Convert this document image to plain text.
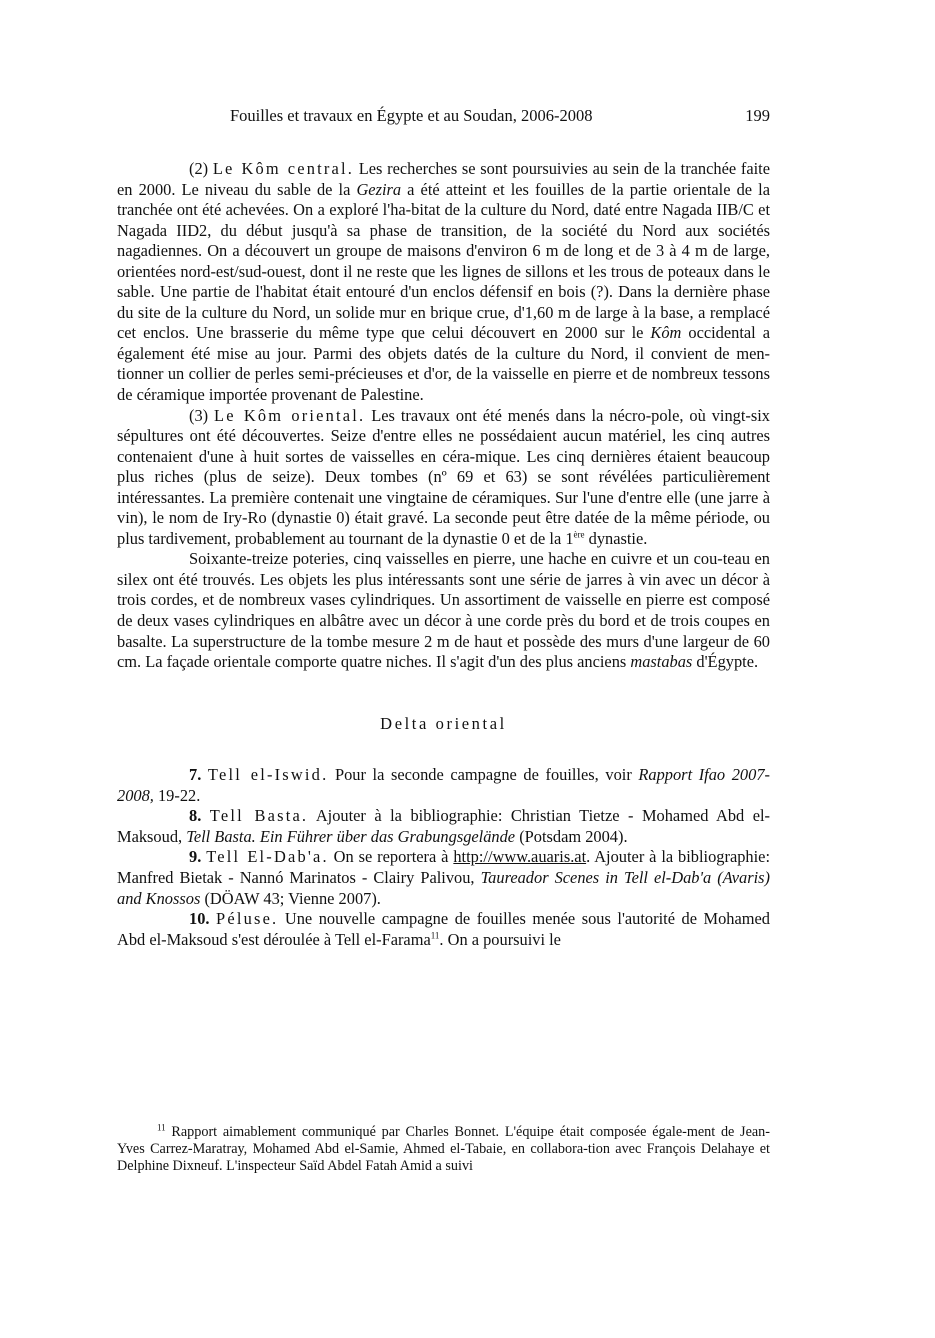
Fouilles et travaux en Égypte et au Soudan, 2006-2008	199

(2) Le Kôm central. Les recherches se sont poursuivies au sein de la tranchée faite en 2000. Le niveau du sable de la Gezira a été atteint et les fouilles de la partie orientale de la tranchée ont été achevées. On a exploré l'ha-bitat de la culture du Nord, daté entre Nagada IIB/C et Nagada IID2, du début jusqu'à sa phase de transition, de la société du Nord aux sociétés nagadiennes. On a découvert un groupe de maisons d'environ 6 m de long et de 3 à 4 m de large, orientées nord-est/sud-ouest, dont il ne reste que les lignes de sillons et les trous de poteaux dans le sable. Une partie de l'habitat était entouré d'un enclos défensif en bois (?). Dans la dernière phase du site de la culture du Nord, un solide mur en brique crue, d'1,60 m de large à la base, a remplacé cet enclos. Une brasserie du même type que celui découvert en 2000 sur le Kôm occidental a également été mise au jour. Parmi des objets datés de la culture du Nord, il convient de men-tionner un collier de perles semi-précieuses et d'or, de la vaisselle en pierre et de nombreux tessons de céramique importée provenant de Palestine.

(3) Le Kôm oriental. Les travaux ont été menés dans la nécro-pole, où vingt-six sépultures ont été découvertes. Seize d'entre elles ne possédaient aucun matériel, les cinq autres contenaient d'une à huit sortes de vaisselles en céra-mique. Les cinq dernières étaient beaucoup plus riches (plus de seize). Deux tombes (nº 69 et 63) se sont révélées particulièrement intéressantes. La première contenait une vingtaine de céramiques. Sur l'une d'entre elle (une jarre à vin), le nom de Iry-Ro (dynastie 0) était gravé. La seconde peut être datée de la même période, ou plus tardivement, probablement au tournant de la dynastie 0 et de la 1ère dynastie.

Soixante-treize poteries, cinq vaisselles en pierre, une hache en cuivre et un cou-teau en silex ont été trouvés. Les objets les plus intéressants sont une série de jarres à vin avec un décor à trois cordes, et de nombreux vases cylindriques. Un assortiment de vaisselle en pierre est composé de deux vases cylindriques en albâtre avec un décor à une corde près du bord et de trois coupes en basalte. La superstructure de la tombe mesure 2 m de haut et possède des murs d'une largeur de 60 cm. La façade orientale comporte quatre niches. Il s'agit d'un des plus anciens mastabas d'Égypte.

Delta oriental

7. Tell el-Iswid. Pour la seconde campagne de fouilles, voir Rapport Ifao 2007-2008, 19-22.

8. Tell Basta. Ajouter à la bibliographie: Christian Tietze - Mohamed Abd el-Maksoud, Tell Basta. Ein Führer über das Grabungsgelände (Potsdam 2004).

9. Tell El-Dab'a. On se reportera à http://www.auaris.at. Ajouter à la bibliographie: Manfred Bietak - Nannó Marinatos - Clairy Palivou, Taureador Scenes in Tell el-Dab'a (Avaris) and Knossos (DÖAW 43; Vienne 2007).

10. Péluse. Une nouvelle campagne de fouilles menée sous l'autorité de Mohamed Abd el-Maksoud s'est déroulée à Tell el-Farama$^{11}$. On a poursuivi le

$^{11}$ Rapport aimablement communiqué par Charles Bonnet. L'équipe était composée égale-ment de Jean-Yves Carrez-Maratray, Mohamed Abd el-Samie, Ahmed el-Tabaie, en collabora-tion avec François Delahaye et Delphine Dixneuf. L'inspecteur Saïd Abdel Fatah Amid a suivi
